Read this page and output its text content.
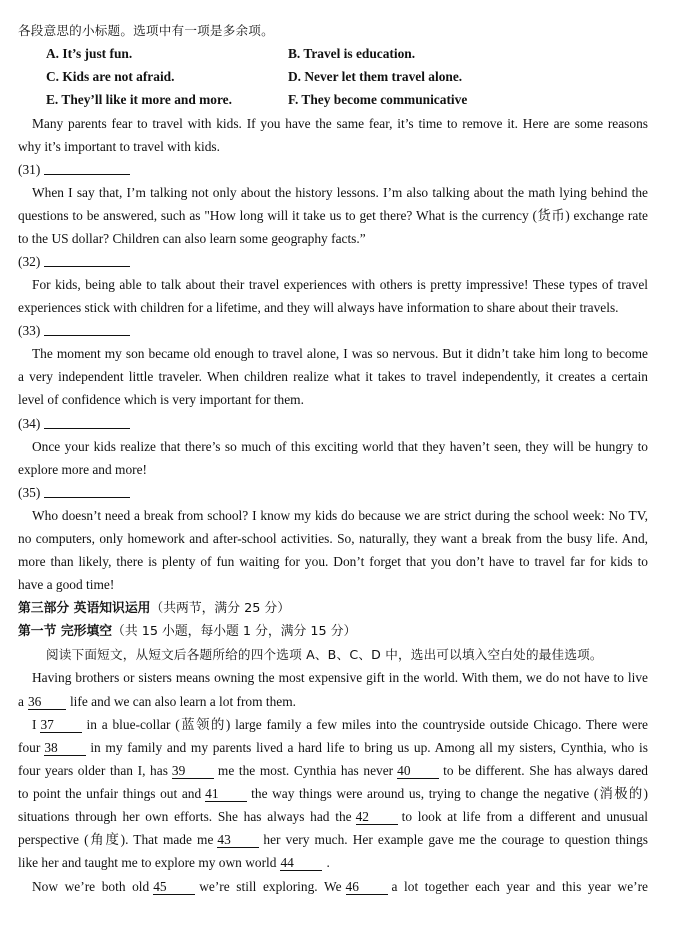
各段意思的小标题。选项中有一项是多余项。
A. It’s just fun.	B. Travel is education.
C. Kids are not afraid.	D. Never let them travel alone.
E. They’ll like it more and more.	F. They become communicative
Many parents fear to travel with kids. If you have the same fear, it’s time to remove it. Here are some reasons
why it’s important to travel with kids.
(31)
When I say that, I’m talking not only about the history lessons. I’m also talking about the math lying behind the
questions to be answered, such as "How long will it take us to get there? What is the currency (货币) exchange rate
to the US dollar? Children can also learn some geography facts.”
(32)
For kids, being able to talk about their travel experiences with others is pretty impressive! These types of travel
experiences stick with children for a lifetime, and they will always have information to share about their travels.
(33)
The moment my son became old enough to travel alone, I was so nervous. But it didn’t take him long to become
a very independent little traveler. When children realize what it takes to travel independently, it creates a certain
level of confidence which is very important for them.
(34)
Once your kids realize that there’s so much of this exciting world that they haven’t seen, they will be hungry to
explore more and more!
(35)
Who doesn’t need a break from school? I know my kids do because we are strict during the school week: No TV,
no computers, only homework and after-school activities. So, naturally, they want a break from the busy life. And,
more than likely, there is plenty of fun waiting for you. Don’t forget that you don’t have to travel far for kids to
have a good time!
第三部分 英语知识运用（共两节，满分 25 分）
第一节 完形填空（共 15 小题，每小题 1 分，满分 15 分）
阅读下面短文，从短文后各题所给的四个选项 A、B、C、D 中，选出可以填入空白处的最佳选项。
Having brothers or sisters means owning the most expensive gift in the world. With them, we do not have to live
a 36 life and we can also learn a lot from them.
I 37 in a blue-collar (蓝领的) large family a few miles into the countryside outside Chicago. There were
four 38 in my family and my parents lived a hard life to bring us up. Among all my sisters, Cynthia, who is
four years older than I, has 39 me the most. Cynthia has never 40 to be different. She has always dared
to point the unfair things out and 41 the way things were around us, trying to change the negative (消极的)
situations through her own efforts. She has always had the 42 to look at life from a different and unusual
perspective (角度). That made me 43 her very much. Her example gave me the courage to question things
like her and taught me to explore my own world 44 .
Now we’re both old 45 we’re still exploring. We 46 a lot together each year and this year we’re
